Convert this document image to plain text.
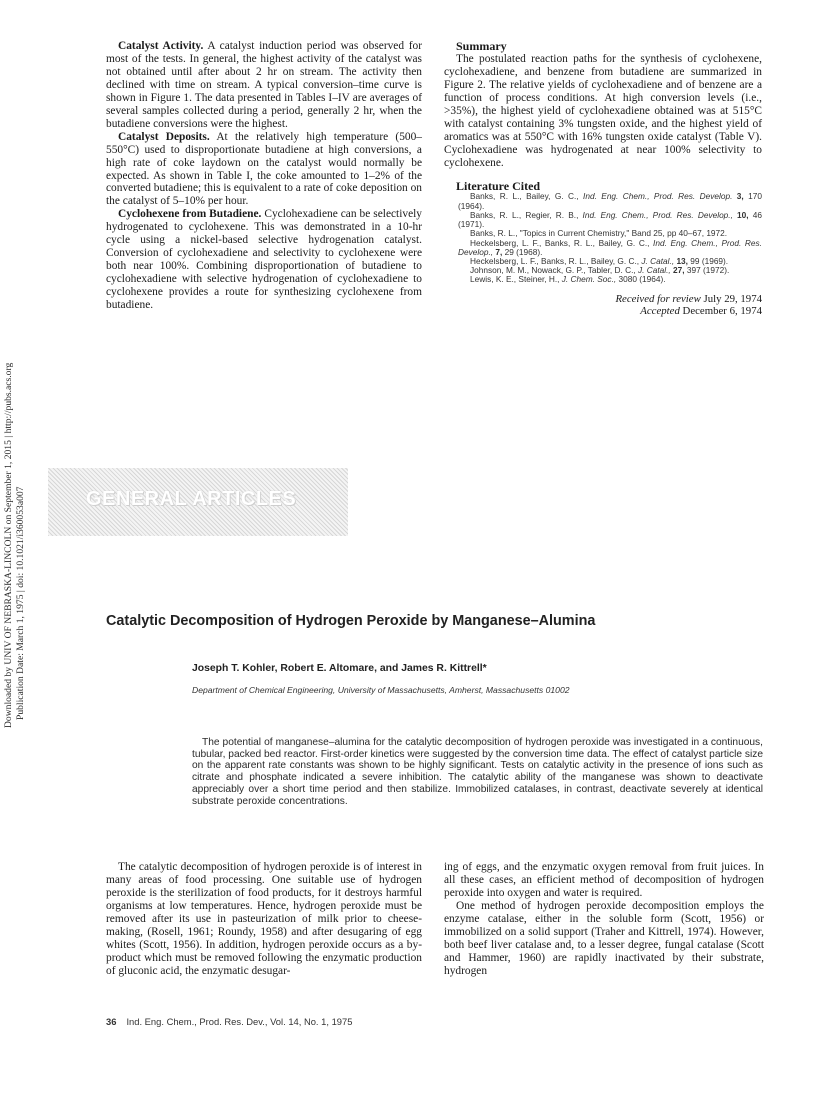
Downloaded by UNIV OF NEBRASKA-LINCOLN on September 1, 2015 | http://pubs.acs.org Publication Date: March 1, 1975 | doi: 10.1021/i360053a007

Catalyst Activity. A catalyst induction period was observed for most of the tests. In general, the highest activity of the catalyst was not obtained until after about 2 hr on stream. The activity then declined with time on stream. A typical conversion–time curve is shown in Figure 1. The data presented in Tables I–IV are averages of several samples collected during a period, generally 2 hr, when the butadiene conversions were the highest.

Catalyst Deposits. At the relatively high temperature (500–550°C) used to disproportionate butadiene at high conversions, a high rate of coke laydown on the catalyst would normally be expected. As shown in Table I, the coke amounted to 1–2% of the converted butadiene; this is equivalent to a rate of coke deposition on the catalyst of 5–10% per hour.

Cyclohexene from Butadiene. Cyclohexadiene can be selectively hydrogenated to cyclohexene. This was demonstrated in a 10-hr cycle using a nickel-based selective hydrogenation catalyst. Conversion of cyclohexadiene and selectivity to cyclohexene were both near 100%. Combining disproportionation of butadiene to cyclohexadiene with selective hydrogenation of cyclohexadiene to cyclohexene provides a route for synthesizing cyclohexene from butadiene.

Summary

The postulated reaction paths for the synthesis of cyclohexene, cyclohexadiene, and benzene from butadiene are summarized in Figure 2. The relative yields of cyclohexadiene and of benzene are a function of process conditions. At high conversion levels (i.e., >35%), the highest yield of cyclohexadiene obtained was at 515°C with catalyst containing 3% tungsten oxide, and the highest yield of aromatics was at 550°C with 16% tungsten oxide catalyst (Table V). Cyclohexadiene was hydrogenated at near 100% selectivity to cyclohexene.

Literature Cited

Banks, R. L., Bailey, G. C., Ind. Eng. Chem., Prod. Res. Develop. 3, 170 (1964).

Banks, R. L., Regier, R. B., Ind. Eng. Chem., Prod. Res. Develop., 10, 46 (1971).

Banks, R. L., "Topics in Current Chemistry," Band 25, pp 40–67, 1972.

Heckelsberg, L. F., Banks, R. L., Bailey, G. C., Ind. Eng. Chem., Prod. Res. Develop., 7, 29 (1968).

Heckelsberg, L. F., Banks, R. L., Bailey, G. C., J. Catal., 13, 99 (1969).

Johnson, M. M., Nowack, G. P., Tabler, D. C., J. Catal., 27, 397 (1972).

Lewis, K. E., Steiner, H., J. Chem. Soc., 3080 (1964).

Received for review July 29, 1974
Accepted December 6, 1974
GENERAL ARTICLES
Catalytic Decomposition of Hydrogen Peroxide by Manganese–Alumina
Joseph T. Kohler, Robert E. Altomare, and James R. Kittrell*
Department of Chemical Engineering, University of Massachusetts, Amherst, Massachusetts 01002

The potential of manganese–alumina for the catalytic decomposition of hydrogen peroxide was investigated in a continuous, tubular, packed bed reactor. First-order kinetics were suggested by the conversion time data. The effect of catalyst particle size on the apparent rate constants was shown to be highly significant. Tests on catalytic activity in the presence of ions such as citrate and phosphate indicated a severe inhibition. The catalytic ability of the manganese was shown to deactivate appreciably over a short time period and then stabilize. Immobilized catalases, in contrast, deactivate severely at identical substrate peroxide concentrations.

The catalytic decomposition of hydrogen peroxide is of interest in many areas of food processing. One suitable use of hydrogen peroxide is the sterilization of food products, for it destroys harmful organisms at low temperatures. Hence, hydrogen peroxide must be removed after its use in pasteurization of milk prior to cheese-making, (Rosell, 1961; Roundy, 1958) and after desugaring of egg whites (Scott, 1956). In addition, hydrogen peroxide occurs as a by-product which must be removed following the enzymatic production of gluconic acid, the enzymatic desugar-

ing of eggs, and the enzymatic oxygen removal from fruit juices. In all these cases, an efficient method of decomposition of hydrogen peroxide into oxygen and water is required.

One method of hydrogen peroxide decomposition employs the enzyme catalase, either in the soluble form (Scott, 1956) or immobilized on a solid support (Traher and Kittrell, 1974). However, both beef liver catalase and, to a lesser degree, fungal catalase (Scott and Hammer, 1960) are rapidly inactivated by their substrate, hydrogen

36 Ind. Eng. Chem., Prod. Res. Dev., Vol. 14, No. 1, 1975
